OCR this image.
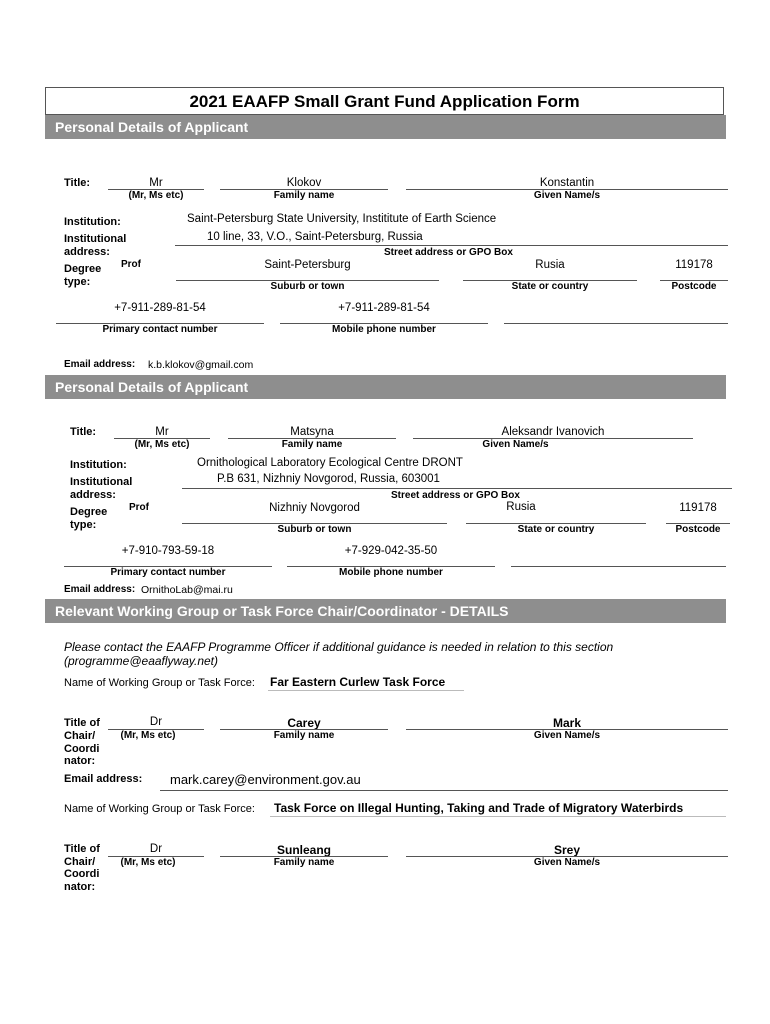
2021 EAAFP Small Grant Fund Application Form
Personal Details of Applicant
Title:	Mr
(Mr, Ms etc)
Klokov
Family name
Konstantin
Given Name/s
Institution:	Saint-Petersburg State University, Instititute of Earth Science
Institutional
address:
10 line, 33, V.O., Saint-Petersburg, Russia
Street address or GPO Box
Degree
type:
Prof	Saint-Petersburg
Suburb or town
Rusia
State or country
119178
Postcode
+7-911-289-81-54
Primary contact number
+7-911-289-81-54
Mobile phone number
Email address: k.b.klokov@gmail.com
Personal Details of Applicant
Title:	Mr
(Mr, Ms etc)
Matsyna
Family name
Aleksandr Ivanovich
Given Name/s
Institution:	Ornithological Laboratory Ecological Centre DRONT
Institutional
address:
P.B 631, Nizhniy Novgorod, Russia, 603001
Street address or GPO Box
Degree
type:
Prof	Nizhniy Novgorod
Suburb or town
Rusia
State or country
119178
Postcode
+7-910-793-59-18
Primary contact number
+7-929-042-35-50
Mobile phone number
Email address: OrnithoLab@mai.ru
Relevant Working Group or Task Force Chair/Coordinator - DETAILS
Please contact the EAAFP Programme Officer if additional guidance is needed in relation to this section
(programme@eaaflyway.net)
Name of Working Group or Task Force: Far Eastern Curlew Task Force
Title of
Chair/
Coordi
nator:
Dr
(Mr, Ms etc)
Carey
Family name
Mark
Given Name/s
Email address: mark.carey@environment.gov.au
Name of Working Group or Task Force: Task Force on Illegal Hunting, Taking and Trade of Migratory Waterbirds
Title of
Chair/
Coordi
nator:
Dr
(Mr, Ms etc)
Sunleang
Family name
Srey
Given Name/s
